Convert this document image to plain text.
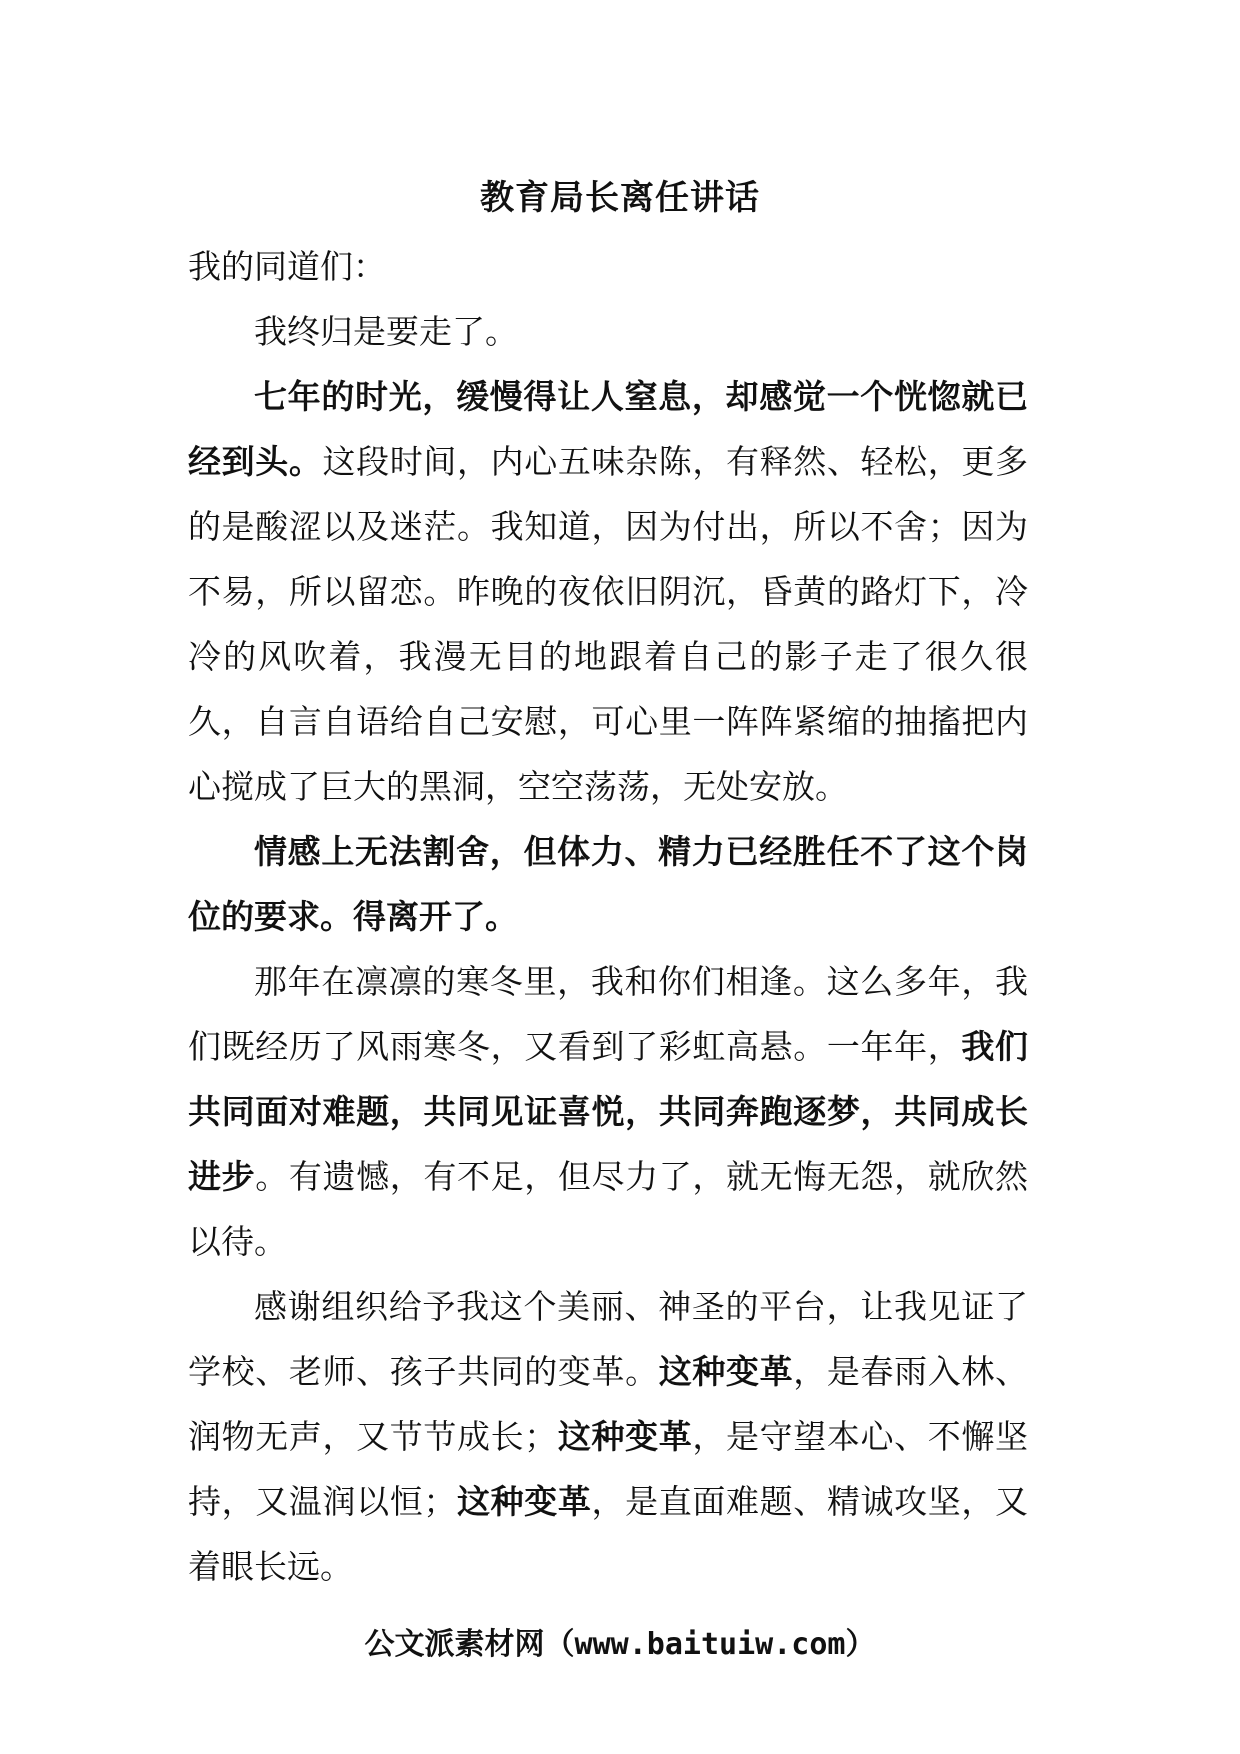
教育局长离任讲话

我的同道们：

我终归是要走了。

七年的时光，缓慢得让人窒息，却感觉一个恍惚就已经到头。这段时间，内心五味杂陈，有释然、轻松，更多的是酸涩以及迷茫。我知道，因为付出，所以不舍；因为不易，所以留恋。昨晚的夜依旧阴沉，昏黄的路灯下，冷冷的风吹着，我漫无目的地跟着自己的影子走了很久很久，自言自语给自己安慰，可心里一阵阵紧缩的抽搐把内心搅成了巨大的黑洞，空空荡荡，无处安放。

情感上无法割舍，但体力、精力已经胜任不了这个岗位的要求。得离开了。

那年在凛凛的寒冬里，我和你们相逢。这么多年，我们既经历了风雨寒冬，又看到了彩虹高悬。一年年，我们共同面对难题，共同见证喜悦，共同奔跑逐梦，共同成长进步。有遗憾，有不足，但尽力了，就无悔无怨，就欣然以待。

感谢组织给予我这个美丽、神圣的平台，让我见证了学校、老师、孩子共同的变革。这种变革，是春雨入林、润物无声，又节节成长；这种变革，是守望本心、不懈坚持，又温润以恒；这种变革，是直面难题、精诚攻坚，又着眼长远。

公文派素材网（www.baituiw.com）
